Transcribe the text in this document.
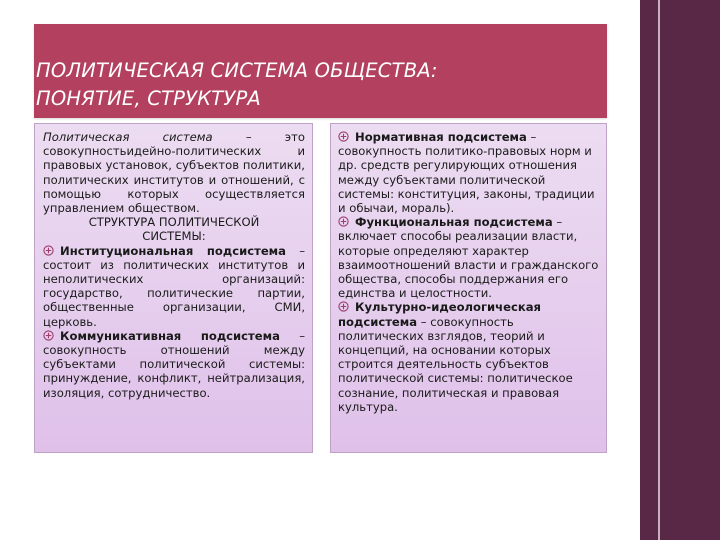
ПОЛИТИЧЕСКАЯ СИСТЕМА ОБЩЕСТВА:
ПОНЯТИЕ, СТРУКТУРА

Политическая система – это совокупностьидейно-политических и правовых установок, субъектов политики, политических институтов и отношений, с помощью которых осуществляется управлением обществом.

СТРУКТУРА ПОЛИТИЧЕСКОЙ
СИСТЕМЫ:

Институциональная подсистема – состоит из политических институтов и неполитических организаций: государство, политические партии, общественные организации, СМИ, церковь.

Коммуникативная подсистема – совокупность отношений между субъектами политической системы: принуждение, конфликт, нейтрализация, изоляция, сотрудничество.

Нормативная подсистема – совокупность политико-правовых норм и др. средств регулирующих отношения между субъектами политической системы: конституция, законы, традиции и обычаи, мораль).

Функциональная подсистема – включает способы реализации власти, которые определяют характер взаимоотношений власти и гражданского общества, способы поддержания его единства и целостности.

Культурно-идеологическая подсистема – совокупность политических взглядов, теорий и концепций, на основании которых строится деятельность субъектов политической системы: политическое сознание, политическая и правовая культура.
